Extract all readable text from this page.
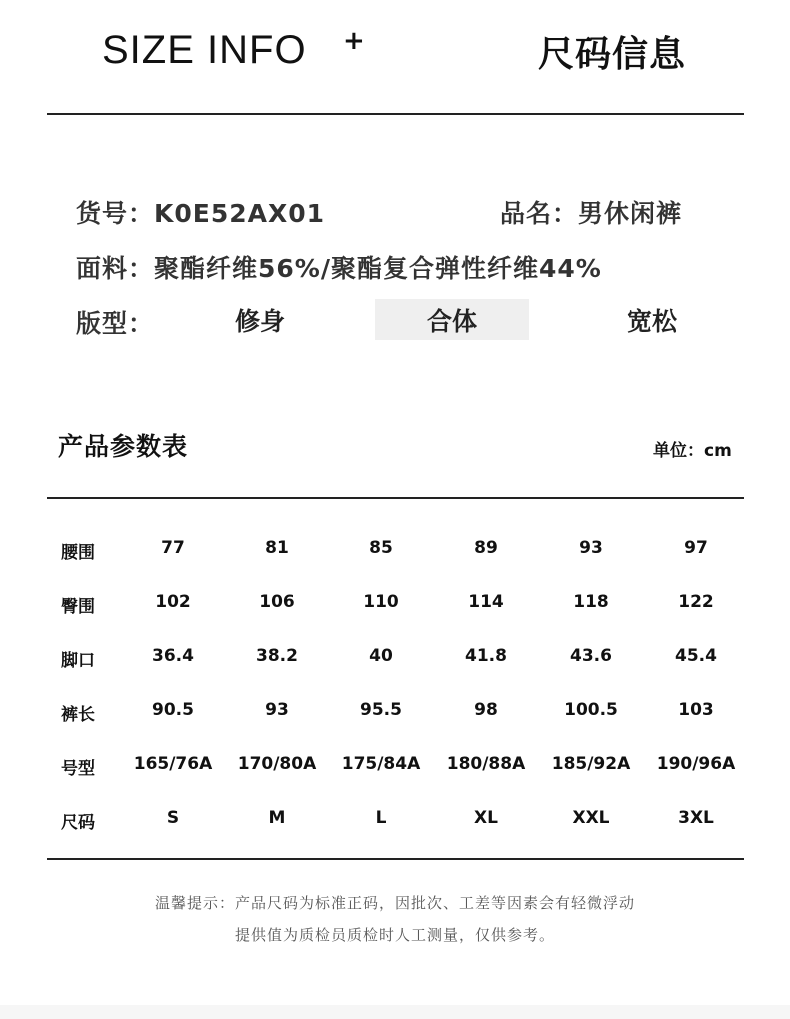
SIZE INFO +	尺码信息
货号：K0E52AX01	品名：男休闲裤
面料：聚酯纤维56%/聚酯复合弹性纤维44%
版型：	修身	合体	宽松
产品参数表	单位：cm
腰围	77	81	85	89	93	97
臀围	102	106	110	114	118	122
脚口	36.4	38.2	40	41.8	43.6	45.4
裤长	90.5	93	95.5	98	100.5	103
号型	165/76A	170/80A	175/84A	180/88A	185/92A	190/96A
尺码	S	M	L	XL	XXL	3XL
温馨提示：产品尺码为标准正码，因批次、工差等因素会有轻微浮动
提供值为质检员质检时人工测量，仅供参考。
